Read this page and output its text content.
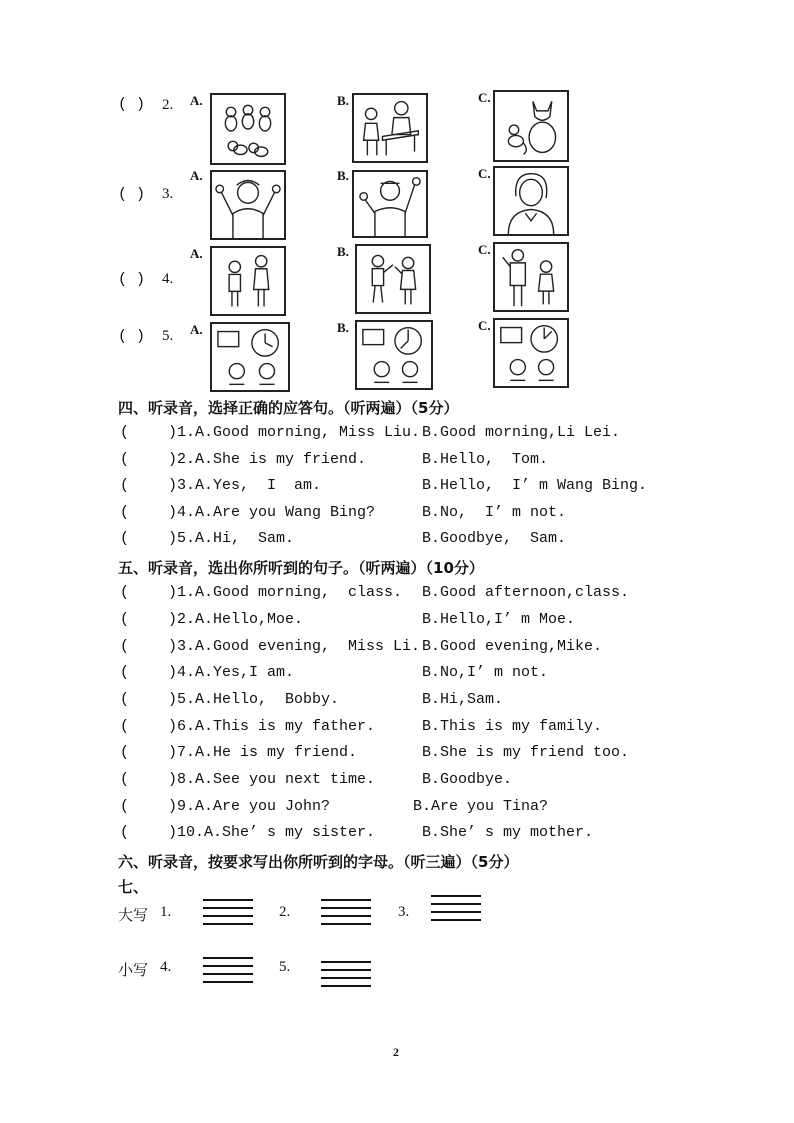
( ) 2. A.	B.	C.
( ) 3.
A.	B.	C.
( ) 4.
A.	B.	C.
( ) 5. A.	B.	C.
四、听录音，选择正确的应答句。（听两遍）（5分）
( )1.A.Good morning, Miss Liu. B.Good morning,Li Lei.
( )2.A.She is my friend.	B.Hello,  Tom.
( )3.A.Yes,  I  am.	B.Hello,  I’ m Wang Bing.
( )4.A.Are you Wang Bing?	B.No,  I’ m not.
( )5.A.Hi,  Sam.	B.Goodbye,  Sam.
五、听录音，选出你所听到的句子。（听两遍）（10分）
( )1.A.Good morning,  class. B.Good afternoon,class.
( )2.A.Hello,Moe.	B.Hello,I’ m Moe.
( )3.A.Good evening,  Miss Li. B.Good evening,Mike.
( )4.A.Yes,I am.	B.No,I’ m not.
( )5.A.Hello,  Bobby.	B.Hi,Sam.
( )6.A.This is my father.	B.This is my family.
( )7.A.He is my friend.	B.She is my friend too.
( )8.A.See you next time.	B.Goodbye.
( )9.A.Are you John?	B.Are you Tina?
( )10.A.She’ s my sister.	B.She’ s my mother.
六、听录音，按要求写出你所听到的字母。（听三遍）（5分）
七、
大写 1.	2.	3.
小写 4.	5.
2
